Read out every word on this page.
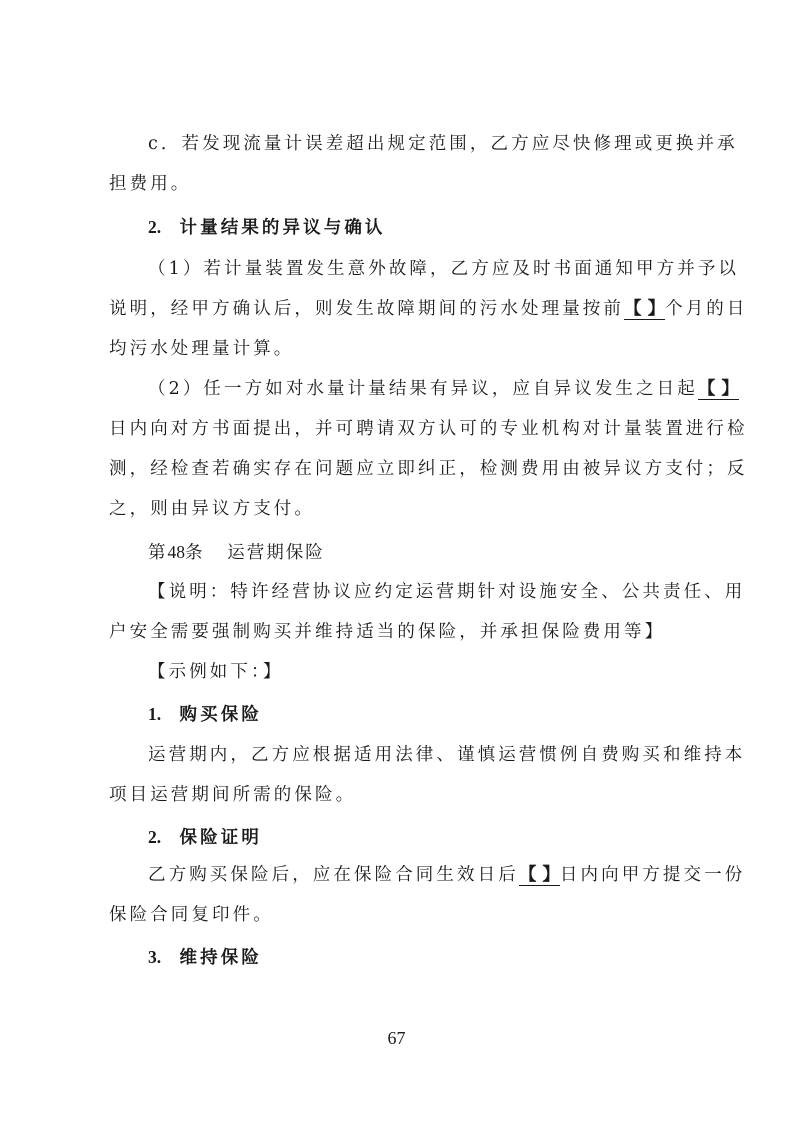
c．若发现流量计误差超出规定范围，乙方应尽快修理或更换并承
担费用。
2. 计量结果的异议与确认
（1）若计量装置发生意外故障，乙方应及时书面通知甲方并予以
说明，经甲方确认后，则发生故障期间的污水处理量按前【 】个月的日
均污水处理量计算。
（2）任一方如对水量计量结果有异议，应自异议发生之日起【 】
日内向对方书面提出，并可聘请双方认可的专业机构对计量装置进行检
测，经检查若确实存在问题应立即纠正，检测费用由被异议方支付；反
之，则由异议方支付。
第48条 运营期保险
【说明：特许经营协议应约定运营期针对设施安全、公共责任、用
户安全需要强制购买并维持适当的保险，并承担保险费用等】
【示例如下：】
1. 购买保险
运营期内，乙方应根据适用法律、谨慎运营惯例自费购买和维持本
项目运营期间所需的保险。
2. 保险证明
乙方购买保险后，应在保险合同生效日后【 】日内向甲方提交一份
保险合同复印件。
3. 维持保险
67
